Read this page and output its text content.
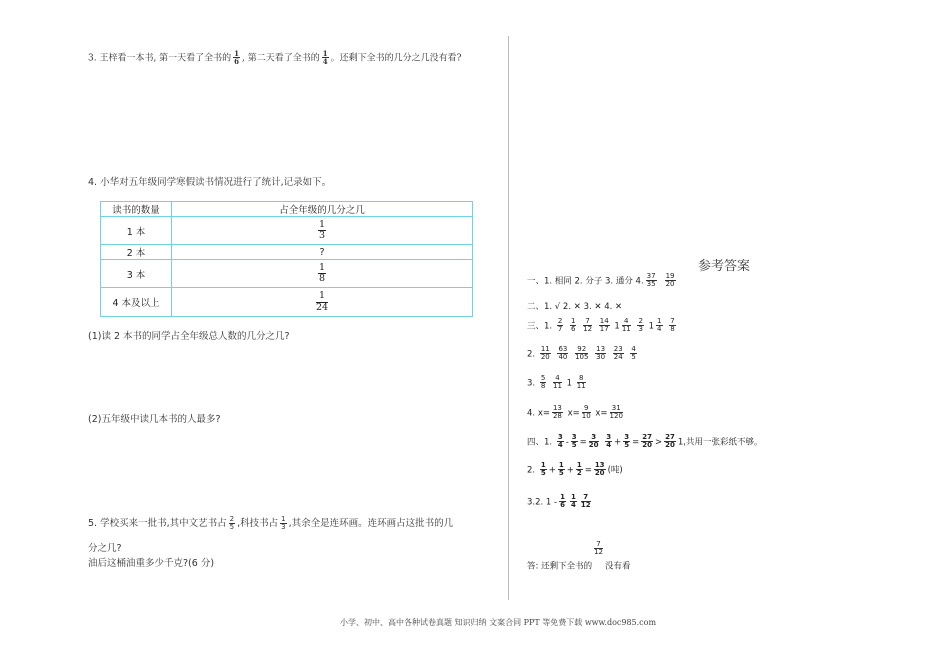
3. 王梓看一本书, 第一天看了全书的 $\frac{1}{6}$ , 第二天看了全书的 $\frac{1}{4}$ 。还剩下全书的几分之几没有看?
4. 小华对五年级同学寒假读书情况进行了统计,记录如下。
读书的数量	占全年级的几分之几
1 本	$\frac{1}{3}$

2 本	?
3 本	$\frac{1}{8}$

4 本及以上	$\frac{1}{24}$
(1)读 2 本书的同学占全年级总人数的几分之几?
(2)五年级中读几本书的人最多?
5. 学校买来一批书,其中文艺书占 $\frac{2}{5}$ ,科技书占 $\frac{1}{3}$ ,其余全是连环画。连环画占这批书的几
分之几?
油后这桶油重多少千克?(6 分)
参考答案
一、1. 相同 2. 分子 3. 通分 4. $\frac{37}{35} \frac{19}{20}$
二、1. √ 2. ✕ 3. ✕ 4. ✕
三、1. $\frac{2}{7}$
$\frac{1}{6}$
$\frac{7}{12}$
$\frac{14}{17} 1 \frac{4}{11}$
$\frac{2}{3} 1 \frac{1}{4}$
$\frac{7}{8}$
2. $\frac{11}{20}$
$\frac{63}{40}$
$\frac{92}{105}$
$\frac{13}{30}$
$\frac{23}{24}$
$\frac{4}{5}$
3. $\frac{5}{8}$
$\frac{4}{11} 1 \frac{8}{11}$
4. $x= \frac{13}{28} x= \frac{9}{10} x= \frac{31}{120}$
四、1. $\frac{3}{4} - \frac{3}{5} = \frac{3}{20}$
$\frac{3}{4} + \frac{3}{5} = \frac{27}{20} > \frac{27}{20} 1$,共用一张彩纸不够。
2. $\frac{1}{5} + \frac{1}{5} + \frac{1}{2} = \frac{13}{20}$ (吨)
3.2. $1 - \frac{1}{6} \frac{1}{4} \frac{7}{12}$
答: 还剩下全书的
$\frac{7}{12}$
没有看
小学、初中、高中各种试卷真题 知识归纳 文案合同 PPT 等免费下载 www.doc985.com
